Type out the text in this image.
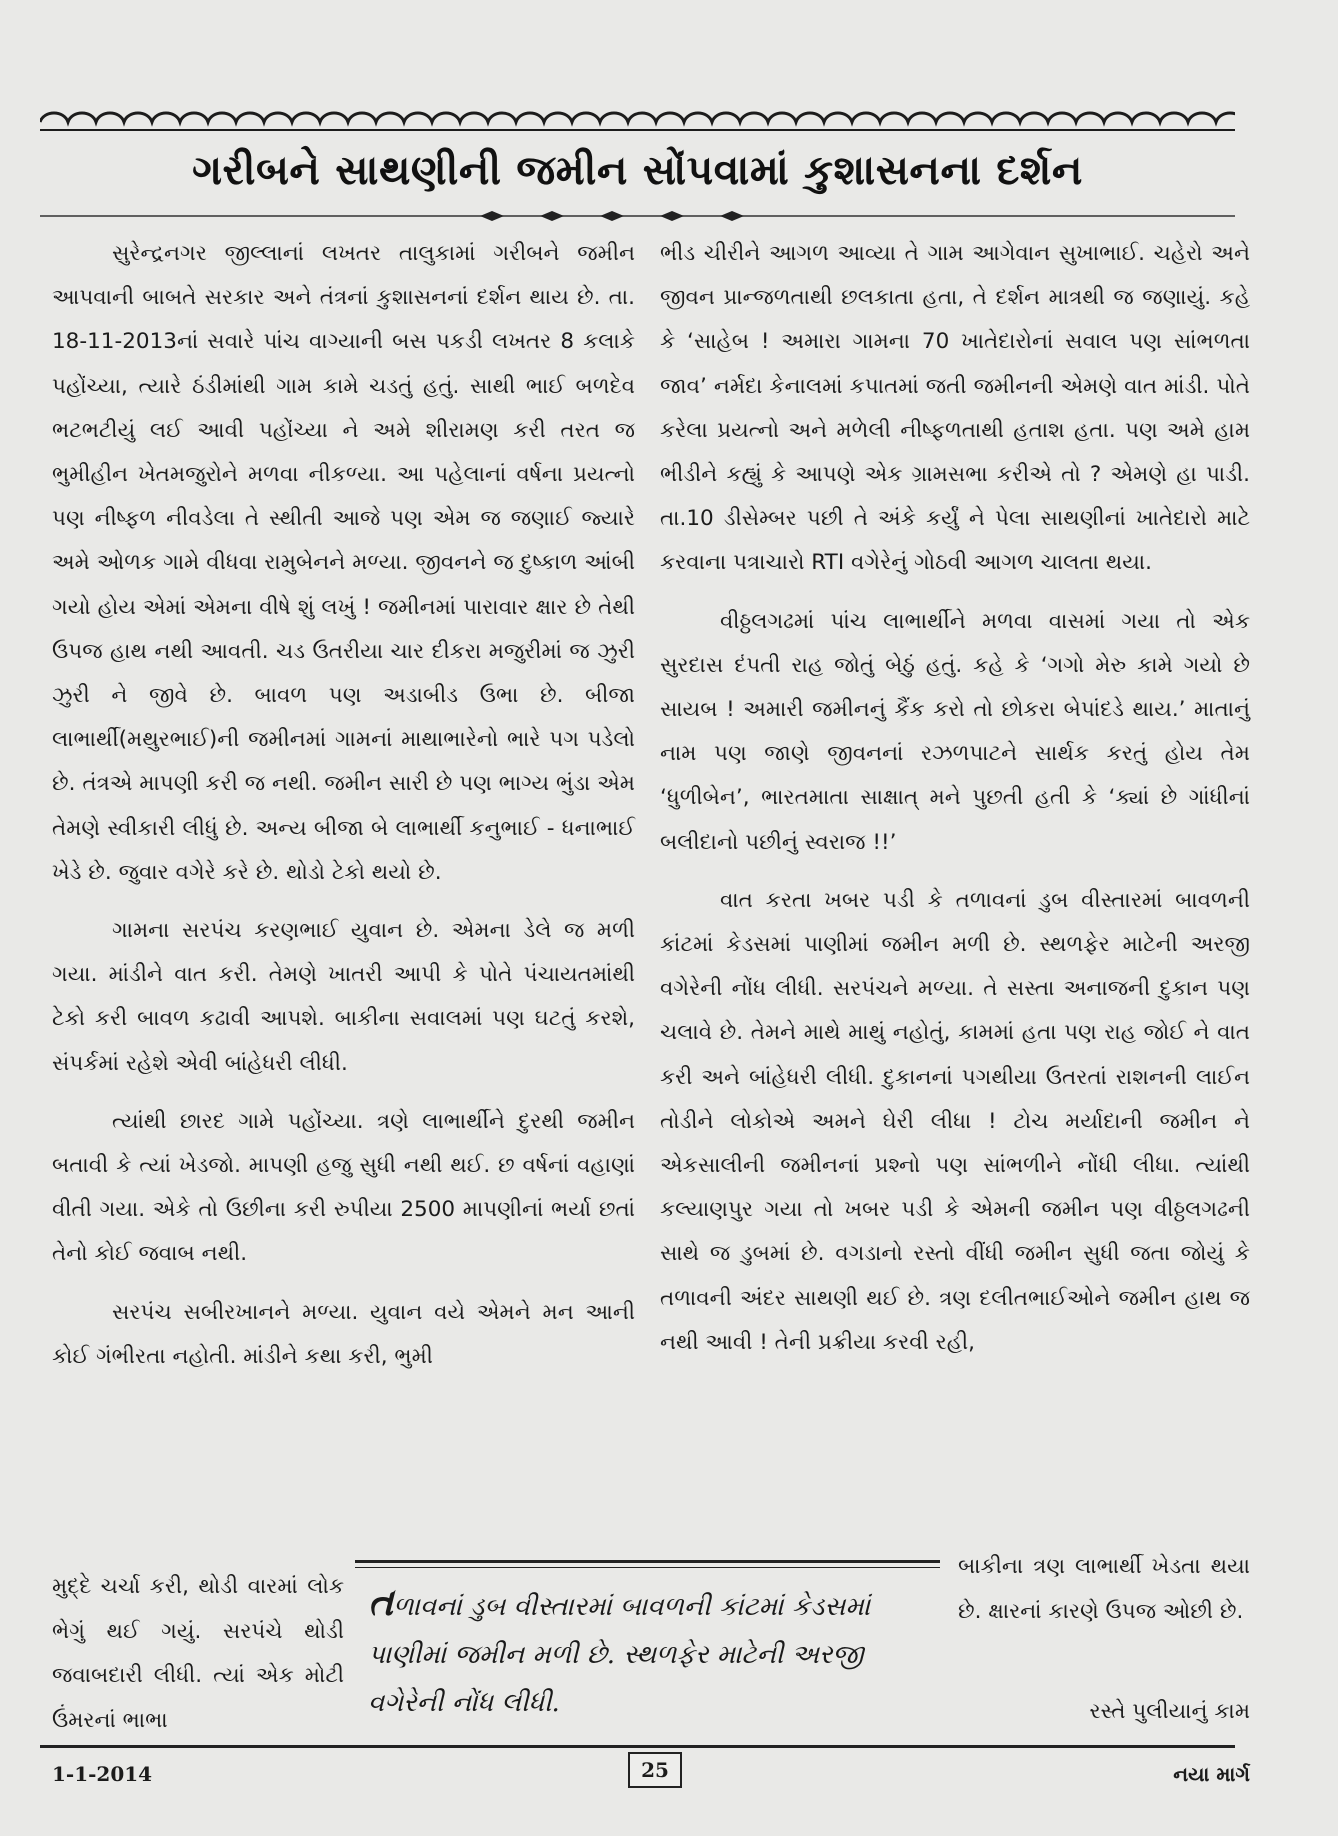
ગરીબને સાથણીની જમીન સોંપવામાં કુશાસનના દર્શન

સુરેન્દ્રનગર જીલ્લાનાં લખતર તાલુકામાં ગરીબને જમીન આપવાની બાબતે સરકાર અને તંત્રનાં કુશાસનનાં દર્શન થાય છે. તા. 18-11-2013નાં સવારે પાંચ વાગ્યાની બસ પકડી લખતર 8 કલાકે પહોંચ્યા, ત્યારે ઠંડીમાંથી ગામ કામે ચડતું હતું. સાથી ભાઈ બળદેવ ભટભટીયું લઈ આવી પહોંચ્યા ને અમે શીરામણ કરી તરત જ ભુમીહીન ખેતમજુરોને મળવા નીકળ્યા. આ પહેલાનાં વર્ષના પ્રયત્નો પણ નીષ્ફળ નીવડેલા તે સ્થીતી આજે પણ એમ જ જણાઈ જ્યારે અમે ઓળક ગામે વીધવા રામુબેનને મળ્યા. જીવનને જ દુષ્કાળ આંબી ગયો હોય એમાં એમના વીષે શું લખું ! જમીનમાં પારાવાર ક્ષાર છે તેથી ઉપજ હાથ નથી આવતી. ચડ ઉતરીયા ચાર દીકરા મજુરીમાં જ ઝુરી ઝુરી ને જીવે છે. બાવળ પણ અડાબીડ ઉભા છે. બીજા લાભાર્થી(મથુરભાઈ)ની જમીનમાં ગામનાં માથાભારેનો ભારે પગ પડેલો છે. તંત્રએ માપણી કરી જ નથી. જમીન સારી છે પણ ભાગ્ય ભુંડા એમ તેમણે સ્વીકારી લીધું છે. અન્ય બીજા બે લાભાર્થી કનુભાઈ - ધનાભાઈ ખેડે છે. જુવાર વગેરે કરે છે. થોડો ટેકો થયો છે.

ગામના સરપંચ કરણભાઈ યુવાન છે. એમના ડેલે જ મળી ગયા. માંડીને વાત કરી. તેમણે ખાતરી આપી કે પોતે પંચાયતમાંથી ટેકો કરી બાવળ કઢાવી આપશે. બાકીના સવાલમાં પણ ઘટતું કરશે, સંપર્કમાં રહેશે એવી બાંહેધરી લીધી.

ત્યાંથી છારદ ગામે પહોંચ્યા. ત્રણે લાભાર્થીને દુરથી જમીન બતાવી કે ત્યાં ખેડજો. માપણી હજુ સુધી નથી થઈ. છ વર્ષનાં વહાણાં વીતી ગયા. એકે તો ઉછીના કરી રુપીયા 2500 માપણીનાં ભર્યા છતાં તેનો કોઈ જવાબ નથી.

સરપંચ સબીરખાનને મળ્યા. યુવાન વયે એમને મન આની કોઈ ગંભીરતા નહોતી. માંડીને કથા કરી, ભુમી

ભીડ ચીરીને આગળ આવ્યા તે ગામ આગેવાન સુખાભાઈ. ચહેરો અને જીવન પ્રાન્જળતાથી છલકાતા હતા, તે દર્શન માત્રથી જ જણાયું. કહે કે ‘સાહેબ ! અમારા ગામના 70 ખાતેદારોનાં સવાલ પણ સાંભળતા જાવ’ નર્મદા કેનાલમાં કપાતમાં જતી જમીનની એમણે વાત માંડી. પોતે કરેલા પ્રયત્નો અને મળેલી નીષ્ફળતાથી હતાશ હતા. પણ અમે હામ ભીડીને કહ્યું કે આપણે એક ગ્રામસભા કરીએ તો ? એમણે હા પાડી. તા.10 ડીસેમ્બર પછી તે અંકે કર્યું ને પેલા સાથણીનાં ખાતેદારો માટે કરવાના પત્રાચારો RTI વગેરેનું ગોઠવી આગળ ચાલતા થયા.

વીઠ્ઠલગઢમાં પાંચ લાભાર્થીને મળવા વાસમાં ગયા તો એક સુરદાસ દંપતી રાહ જોતું બેઠું હતું. કહે કે ‘ગગો મેરુ કામે ગયો છે સાયબ ! અમારી જમીનનું કૈંક કરો તો છોકરા બેપાંદડે થાય.’ માતાનું નામ પણ જાણે જીવનનાં રઝળપાટને સાર્થક કરતું હોય તેમ ‘ધુળીબેન’, ભારતમાતા સાક્ષાત્ મને પુછતી હતી કે ‘ક્યાં છે ગાંધીનાં બલીદાનો પછીનું સ્વરાજ !!’

વાત કરતા ખબર પડી કે તળાવનાં ડુબ વીસ્તારમાં બાવળની કાંટમાં કેડસમાં પાણીમાં જમીન મળી છે. સ્થળફેર માટેની અરજી વગેરેની નોંધ લીધી. સરપંચને મળ્યા. તે સસ્તા અનાજની દુકાન પણ ચલાવે છે. તેમને માથે માથું નહોતું, કામમાં હતા પણ રાહ જોઈ ને વાત કરી અને બાંહેધરી લીધી. દુકાનનાં પગથીયા ઉતરતાં રાશનની લાઈન તોડીને લોકોએ અમને ઘેરી લીધા ! ટોચ મર્યાદાની જમીન ને એકસાલીની જમીનનાં પ્રશ્નો પણ સાંભળીને નોંધી લીધા. ત્યાંથી કલ્યાણપુર ગયા તો ખબર પડી કે એમની જમીન પણ વીઠ્ઠલગઢની સાથે જ ડુબમાં છે. વગડાનો રસ્તો વીંધી જમીન સુધી જતા જોયું કે તળાવની અંદર સાથણી થઈ છે. ત્રણ દલીતભાઈઓને જમીન હાથ જ નથી આવી ! તેની પ્રક્રીયા કરવી રહી,

મુદ્દે ચર્ચા કરી, થોડી વારમાં લોક ભેગું થઈ ગયું. સરપંચે થોડી જવાબદારી લીધી. ત્યાં એક મોટી ઉંમરનાં ભાભા
તળાવનાં ડુબ વીસ્તારમાં બાવળની કાંટમાં કેડસમાં પાણીમાં જમીન મળી છે. સ્થળફેર માટેની અરજી વગેરેની નોંધ લીધી.
બાકીના ત્રણ લાભાર્થી ખેડતા થયા છે. ક્ષારનાં કારણે ઉપજ ઓછી છે.
રસ્તે પુલીયાનું કામ
1-1-2014	25	નયા માર્ગ
